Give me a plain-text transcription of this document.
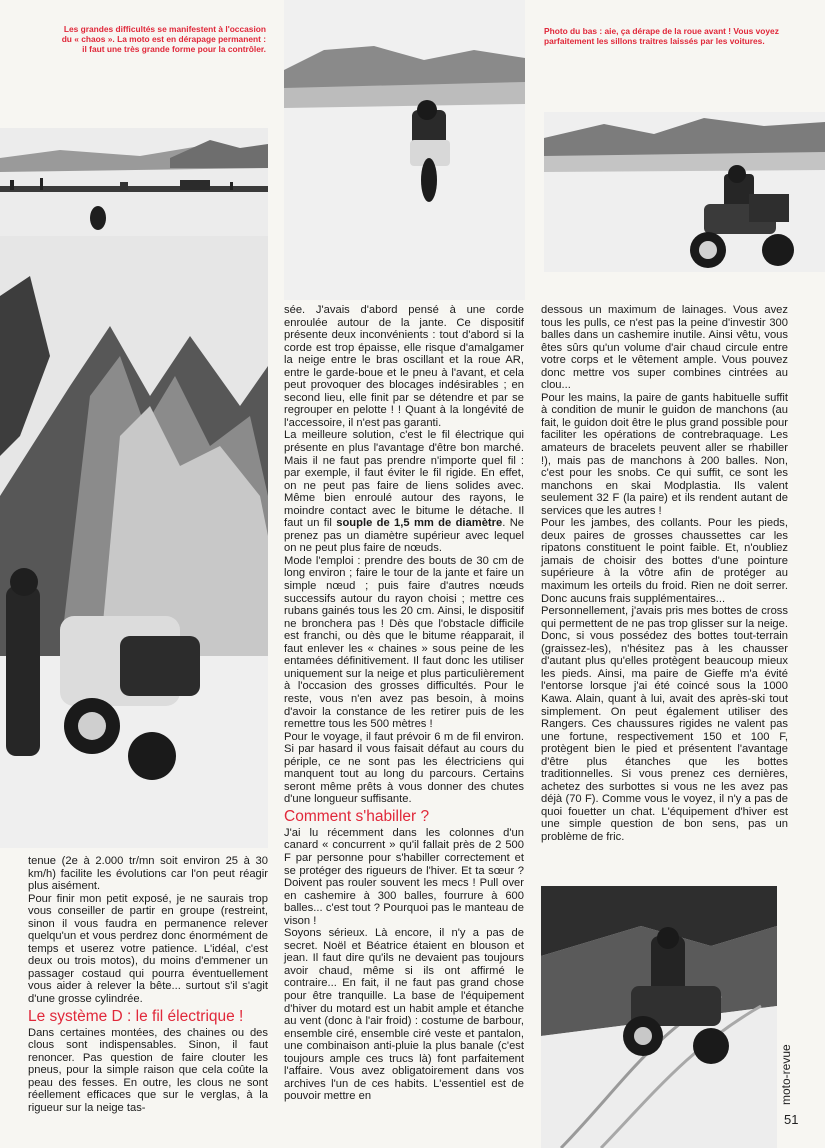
Les grandes difficultés se manifestent à l'occasion du « chaos ». La moto est en dérapage permanent : il faut une très grande forme pour la contrôler.
Photo du bas : aie, ça dérape de la roue avant ! Vous voyez parfaitement les sillons traitres laissés par les voitures.

sée. J'avais d'abord pensé à une corde enroulée autour de la jante. Ce dispositif présente deux inconvénients : tout d'abord si la corde est trop épaisse, elle risque d'amalgamer la neige entre le bras oscillant et la roue AR, entre le garde-boue et le pneu à l'avant, et cela peut provoquer des blocages indésirables ; en second lieu, elle finit par se détendre et par se regrouper en pelotte ! ! Quant à la longévité de l'accessoire, il n'est pas garanti.

La meilleure solution, c'est le fil électrique qui présente en plus l'avantage d'être bon marché. Mais il ne faut pas prendre n'importe quel fil : par exemple, il faut éviter le fil rigide. En effet, on ne peut pas faire de liens solides avec. Même bien enroulé autour des rayons, le moindre contact avec le bitume le détache. Il faut un fil souple de 1,5 mm de diamètre. Ne prenez pas un diamètre supérieur avec lequel on ne peut plus faire de nœuds.

Mode l'emploi : prendre des bouts de 30 cm de long environ ; faire le tour de la jante et faire un simple nœud ; puis faire d'autres nœuds successifs autour du rayon choisi ; mettre ces rubans gainés tous les 20 cm. Ainsi, le dispositif ne bronchera pas ! Dès que l'obstacle difficile est franchi, ou dès que le bitume réapparait, il faut enlever les « chaines » sous peine de les entamées définitivement. Il faut donc les utiliser uniquement sur la neige et plus particulièrement à l'occasion des grosses difficultés. Pour le reste, vous n'en avez pas besoin, à moins d'avoir la constance de les retirer puis de les remettre tous les 500 mètres !

Pour le voyage, il faut prévoir 6 m de fil environ. Si par hasard il vous faisait défaut au cours du périple, ce ne sont pas les électriciens qui manquent tout au long du parcours. Certains seront même prêts à vous donner des chutes d'une longueur suffisante.

Comment s'habiller ?

J'ai lu récemment dans les colonnes d'un canard « concurrent » qu'il fallait près de 2 500 F par personne pour s'habiller correctement et se protéger des rigueurs de l'hiver. Et ta sœur ? Doivent pas rouler souvent les mecs ! Pull over en cashemire à 300 balles, fourrure à 600 balles... c'est tout ? Pourquoi pas le manteau de vison !

Soyons sérieux. Là encore, il n'y a pas de secret. Noël et Béatrice étaient en blouson et jean. Il faut dire qu'ils ne devaient pas toujours avoir chaud, même si ils ont affirmé le contraire... En fait, il ne faut pas grand chose pour être tranquille. La base de l'équipement d'hiver du motard est un habit ample et étanche au vent (donc à l'air froid) : costume de barbour, ensemble ciré, ensemble ciré veste et pantalon, une combinaison anti-pluie la plus banale (c'est toujours ample ces trucs là) font parfaitement l'affaire. Vous avez obligatoirement dans vos archives l'un de ces habits. L'essentiel est de pouvoir mettre en

dessous un maximum de lainages. Vous avez tous les pulls, ce n'est pas la peine d'investir 300 balles dans un cashemire inutile. Ainsi vêtu, vous êtes sûrs qu'un volume d'air chaud circule entre votre corps et le vêtement ample. Vous pouvez donc mettre vos super combines cintrées au clou...

Pour les mains, la paire de gants habituelle suffit à condition de munir le guidon de manchons (au fait, le guidon doit être le plus grand possible pour faciliter les opérations de contrebraquage. Les amateurs de bracelets peuvent aller se rhabiller !), mais pas de manchons à 200 balles. Non, c'est pour les snobs. Ce qui suffit, ce sont les manchons en skai Modplastia. Ils valent seulement 32 F (la paire) et ils rendent autant de services que les autres !

Pour les jambes, des collants. Pour les pieds, deux paires de grosses chaussettes car les ripatons constituent le point faible. Et, n'oubliez jamais de choisir des bottes d'une pointure supérieure à la vôtre afin de protéger au maximum les orteils du froid. Rien ne doit serrer. Donc aucuns frais supplémentaires...

Personnellement, j'avais pris mes bottes de cross qui permettent de ne pas trop glisser sur la neige. Donc, si vous possédez des bottes tout-terrain (graissez-les), n'hésitez pas à les chausser d'autant plus qu'elles protègent beaucoup mieux les pieds. Ainsi, ma paire de Gieffe m'a évité l'entorse lorsque j'ai été coincé sous la 1000 Kawa. Alain, quant à lui, avait des après-ski tout simplement. On peut également utiliser des Rangers. Ces chaussures rigides ne valent pas une fortune, respectivement 150 et 100 F, protègent bien le pied et présentent l'avantage d'être plus étanches que les bottes traditionnelles. Si vous prenez ces dernières, achetez des surbottes si vous ne les avez pas déjà (70 F). Comme vous le voyez, il n'y a pas de quoi fouetter un chat. L'équipement d'hiver est une simple question de bon sens, pas un problème de fric.

tenue (2e à 2.000 tr/mn soit environ 25 à 30 km/h) facilite les évolutions car l'on peut réagir plus aisément.

Pour finir mon petit exposé, je ne saurais trop vous conseiller de partir en groupe (restreint, sinon il vous faudra en permanence relever quelqu'un et vous perdrez donc énormément de temps et userez votre patience. L'idéal, c'est deux ou trois motos), du moins d'emmener un passager costaud qui pourra éventuellement vous aider à relever la bête... surtout s'il s'agit d'une grosse cylindrée.

Le système D : le fil électrique !

Dans certaines montées, des chaines ou des clous sont indispensables. Sinon, il faut renoncer. Pas question de faire clouter les pneus, pour la simple raison que cela coûte la peau des fesses. En outre, les clous ne sont réellement efficaces que sur le verglas, à la rigueur sur la neige tas-

moto-revue
51
